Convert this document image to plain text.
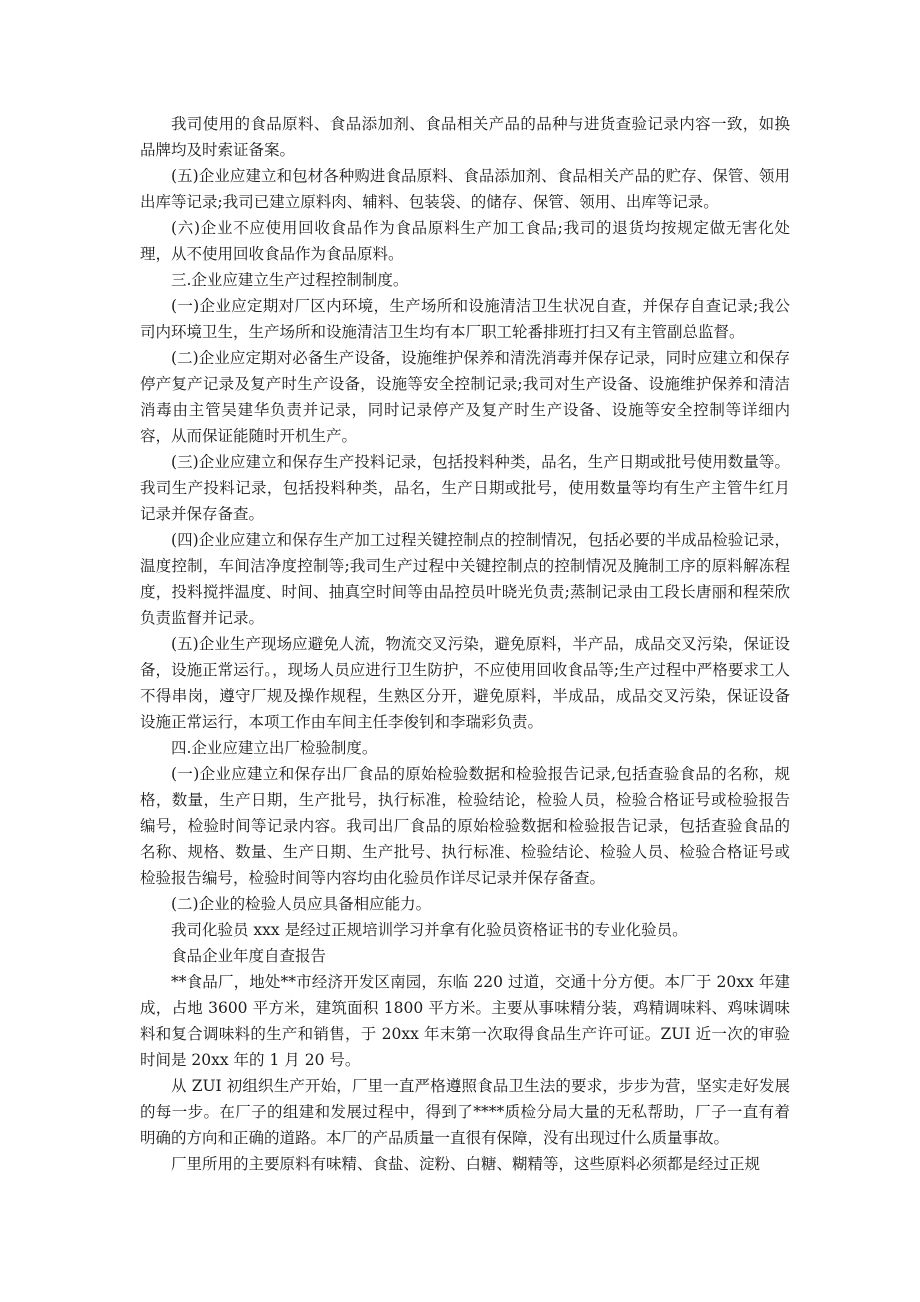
我司使用的食品原料、食品添加剂、食品相关产品的品种与进货查验记录内容一致，如换品牌均及时索证备案。

(五)企业应建立和包材各种购进食品原料、食品添加剂、食品相关产品的贮存、保管、领用出库等记录;我司已建立原料肉、辅料、包装袋、的储存、保管、领用、出库等记录。

(六)企业不应使用回收食品作为食品原料生产加工食品;我司的退货均按规定做无害化处理，从不使用回收食品作为食品原料。

三.企业应建立生产过程控制制度。

(一)企业应定期对厂区内环境，生产场所和设施清洁卫生状况自查，并保存自查记录;我公司内环境卫生，生产场所和设施清洁卫生均有本厂职工轮番排班打扫又有主管副总监督。

(二)企业应定期对必备生产设备，设施维护保养和清洗消毒并保存记录，同时应建立和保存停产复产记录及复产时生产设备，设施等安全控制记录;我司对生产设备、设施维护保养和清洁消毒由主管吴建华负责并记录，同时记录停产及复产时生产设备、设施等安全控制等详细内容，从而保证能随时开机生产。

(三)企业应建立和保存生产投料记录，包括投料种类，品名，生产日期或批号使用数量等。我司生产投料记录，包括投料种类，品名，生产日期或批号，使用数量等均有生产主管牛红月记录并保存备查。

(四)企业应建立和保存生产加工过程关键控制点的控制情况，包括必要的半成品检验记录，温度控制，车间洁净度控制等;我司生产过程中关键控制点的控制情况及腌制工序的原料解冻程度，投料搅拌温度、时间、抽真空时间等由品控员叶晓光负责;蒸制记录由工段长唐丽和程荣欣负责监督并记录。

(五)企业生产现场应避免人流，物流交叉污染，避免原料，半产品，成品交叉污染，保证设备，设施正常运行。，现场人员应进行卫生防护，不应使用回收食品等;生产过程中严格要求工人不得串岗，遵守厂规及操作规程，生熟区分开，避免原料，半成品，成品交叉污染，保证设备设施正常运行，本项工作由车间主任李俊钊和李瑞彩负责。

四.企业应建立出厂检验制度。

(一)企业应建立和保存出厂食品的原始检验数据和检验报告记录,包括查验食品的名称，规格，数量，生产日期，生产批号，执行标准，检验结论，检验人员，检验合格证号或检验报告编号，检验时间等记录内容。我司出厂食品的原始检验数据和检验报告记录，包括查验食品的名称、规格、数量、生产日期、生产批号、执行标准、检验结论、检验人员、检验合格证号或检验报告编号，检验时间等内容均由化验员作详尽记录并保存备查。

(二)企业的检验人员应具备相应能力。

我司化验员 xxx 是经过正规培训学习并拿有化验员资格证书的专业化验员。

食品企业年度自查报告

**食品厂，地处**市经济开发区南园，东临 220 过道，交通十分方便。本厂于 20xx 年建成，占地 3600 平方米，建筑面积 1800 平方米。主要从事味精分装，鸡精调味料、鸡味调味料和复合调味料的生产和销售，于 20xx 年末第一次取得食品生产许可证。ZUI 近一次的审验时间是 20xx 年的 1 月 20 号。

从 ZUI 初组织生产开始，厂里一直严格遵照食品卫生法的要求，步步为营，坚实走好发展的每一步。在厂子的组建和发展过程中，得到了****质检分局大量的无私帮助，厂子一直有着明确的方向和正确的道路。本厂的产品质量一直很有保障，没有出现过什么质量事故。

厂里所用的主要原料有味精、食盐、淀粉、白糖、糊精等，这些原料必须都是经过正规
